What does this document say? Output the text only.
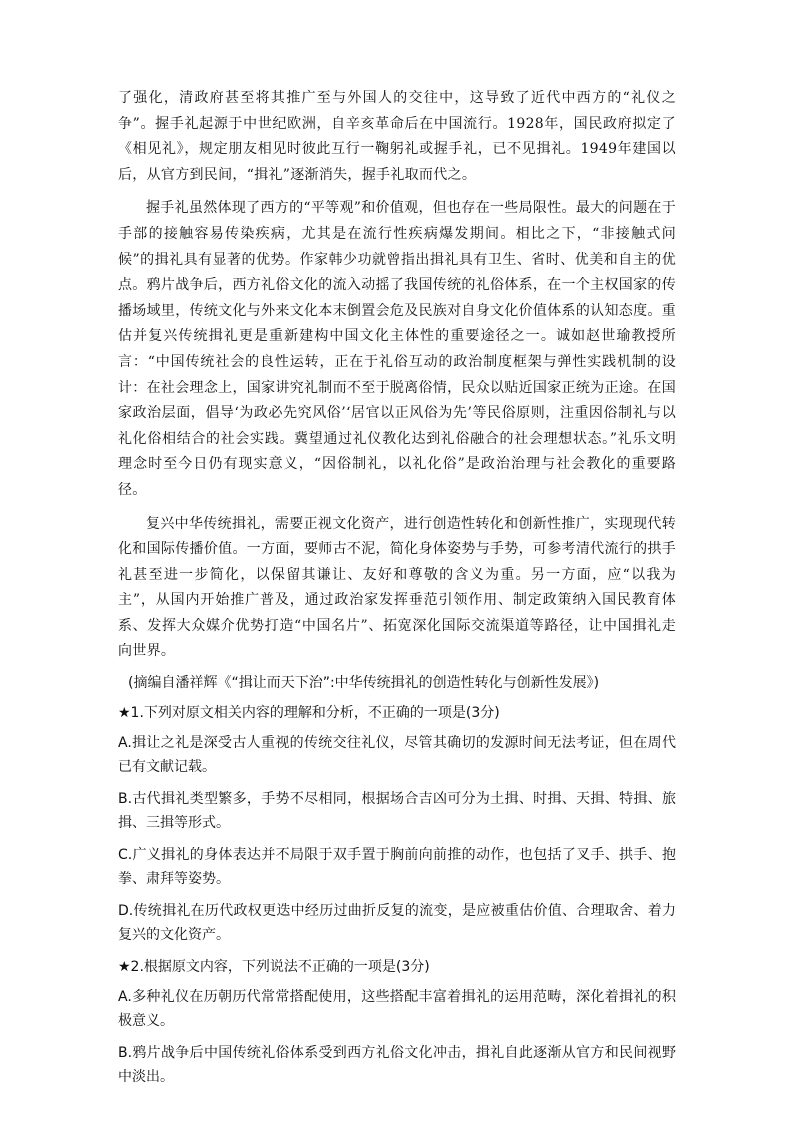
了强化，清政府甚至将其推广至与外国人的交往中，这导致了近代中西方的“礼仪之争”。握手礼起源于中世纪欧洲，自辛亥革命后在中国流行。1928年，国民政府拟定了《相见礼》，规定朋友相见时彼此互行一鞠躬礼或握手礼，已不见揖礼。1949年建国以后，从官方到民间，“揖礼”逐渐消失，握手礼取而代之。

握手礼虽然体现了西方的“平等观”和价值观，但也存在一些局限性。最大的问题在于手部的接触容易传染疾病，尤其是在流行性疾病爆发期间。相比之下，“非接触式问候”的揖礼具有显著的优势。作家韩少功就曾指出揖礼具有卫生、省时、优美和自主的优点。鸦片战争后，西方礼俗文化的流入动摇了我国传统的礼俗体系，在一个主权国家的传播场域里，传统文化与外来文化本末倒置会危及民族对自身文化价值体系的认知态度。重估并复兴传统揖礼更是重新建构中国文化主体性的重要途径之一。诚如赵世瑜教授所言：“中国传统社会的良性运转，正在于礼俗互动的政治制度框架与弹性实践机制的设计：在社会理念上，国家讲究礼制而不至于脱离俗情，民众以贴近国家正统为正途。在国家政治层面，倡导‘为政必先究风俗’‘居官以正风俗为先’等民俗原则，注重因俗制礼与以礼化俗相结合的社会实践。冀望通过礼仪教化达到礼俗融合的社会理想状态。”礼乐文明理念时至今日仍有现实意义，“因俗制礼，以礼化俗”是政治治理与社会教化的重要路径。

复兴中华传统揖礼，需要正视文化资产，进行创造性转化和创新性推广，实现现代转化和国际传播价值。一方面，要师古不泥，简化身体姿势与手势，可参考清代流行的拱手礼甚至进一步简化，以保留其谦让、友好和尊敬的含义为重。另一方面，应“以我为主”，从国内开始推广普及，通过政治家发挥垂范引领作用、制定政策纳入国民教育体系、发挥大众媒介优势打造“中国名片”、拓宽深化国际交流渠道等路径，让中国揖礼走向世界。

(摘编自潘祥辉《“揖让而天下治”:中华传统揖礼的创造性转化与创新性发展》)
★1.下列对原文相关内容的理解和分析，不正确的一项是(3分)
A.揖让之礼是深受古人重视的传统交往礼仪，尽管其确切的发源时间无法考证，但在周代已有文献记载。
B.古代揖礼类型繁多，手势不尽相同，根据场合吉凶可分为土揖、时揖、天揖、特揖、旅揖、三揖等形式。
C.广义揖礼的身体表达并不局限于双手置于胸前向前推的动作，也包括了叉手、拱手、抱拳、肃拜等姿势。
D.传统揖礼在历代政权更迭中经历过曲折反复的流变，是应被重估价值、合理取舍、着力复兴的文化资产。
★2.根据原文内容，下列说法不正确的一项是(3分)
A.多种礼仪在历朝历代常常搭配使用，这些搭配丰富着揖礼的运用范畴，深化着揖礼的积极意义。
B.鸦片战争后中国传统礼俗体系受到西方礼俗文化冲击，揖礼自此逐渐从官方和民间视野中淡出。
